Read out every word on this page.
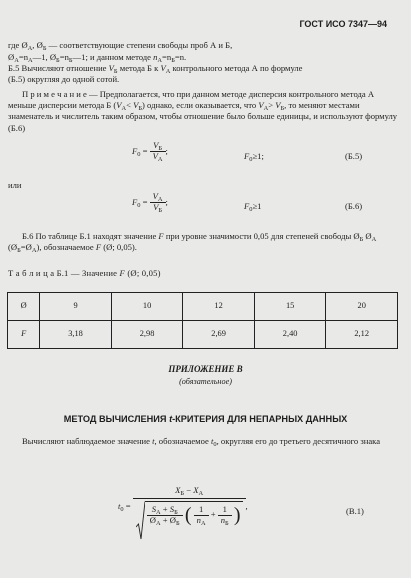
ГОСТ ИСО 7347—94

где $Ø_А$, $Ø_Б$ — соответствующие степени свободы проб А и Б,

$Ø_А=n_А—1$, $Ø_Б=n_Б—1$; и данном методе $n_А=n_Б=n$.

Б.5 Вычисляют отношение $V_Б$ метода Б к $V_А$ контрольного метода А по формуле
(Б.5) округляя до одной сотой.

П р и м е ч а н и е — Предполагается, что при данном методе дисперсия контрольного метода А меньше дисперсии метода Б $(V_А< V_Б)$ однако, если оказывается, что $V_А> V_Б$, то меняют местами знаменатель и числитель таким образом, чтобы отношение было больше единицы, и используют формулу (Б.6)

$F_0 = \frac{V_Б}{V_А}$ ;
$F_0\ge 1$;	(Б.5)
или
$F_0 = \frac{V_А}{V_Б}$ ;	$F_0\ge 1$	(Б.6)

Б.6 По таблице Б.1 находят значение F при уровне значимости 0,05 для степеней свободы $Ø_Б$ $Ø_А$ $(Ø_Б=Ø_А)$, обозначаемое F (Ø; 0,05).

Т а б л и ц а Б.1 — Значение F (Ø; 0,05)
Ø	9	10	12	15	20
F	3,18	2,98	2,69	2,40	2,12
ПРИЛОЖЕНИЕ В
(обязательное)
МЕТОД ВЫЧИСЛЕНИЯ t-КРИТЕРИЯ ДЛЯ НЕПАРНЫХ ДАННЫХ

Вычисляют наблюдаемое значение t, обозначаемое $t_0$, округляя его до третьего десятичного знака

$t_0$ =
$X_Б - X_А$
$\frac{S_А + S_Б}{Ø_А + Ø_Б}$ ( $\frac{1}{n_А} + \frac{1}{n_Б}$ ) ,
(В.1)
